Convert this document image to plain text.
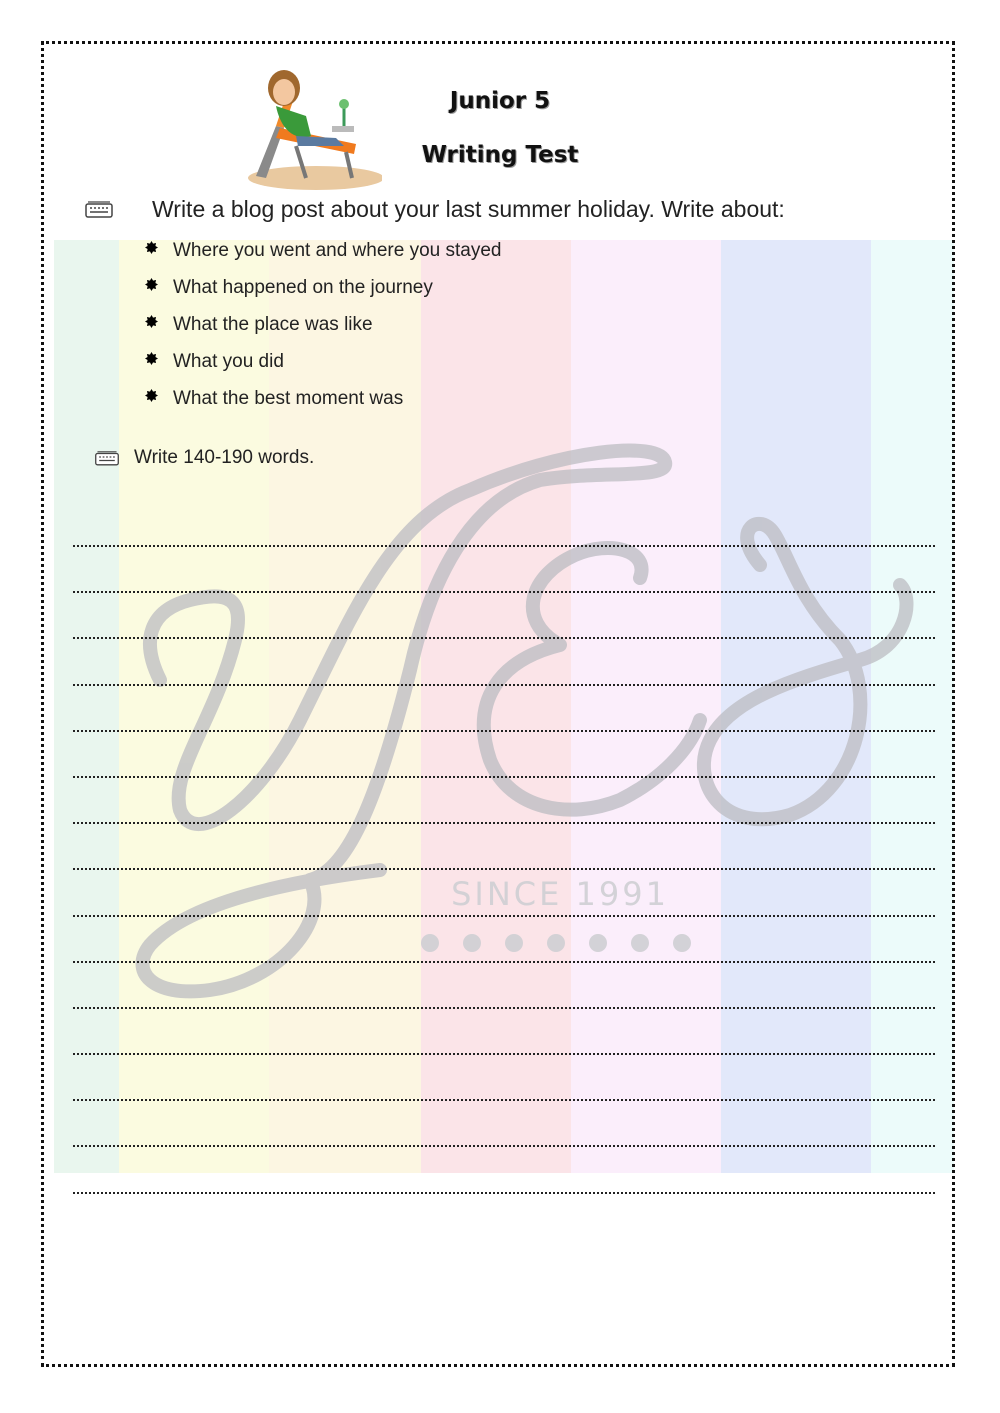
SINCE 1991
Junior 5
Writing Test
Write a blog post about your last summer holiday. Write about:
Where you went and where you stayed
What happened on the journey
What the place was like
What you did
What the best moment was
Write 140-190 words.
